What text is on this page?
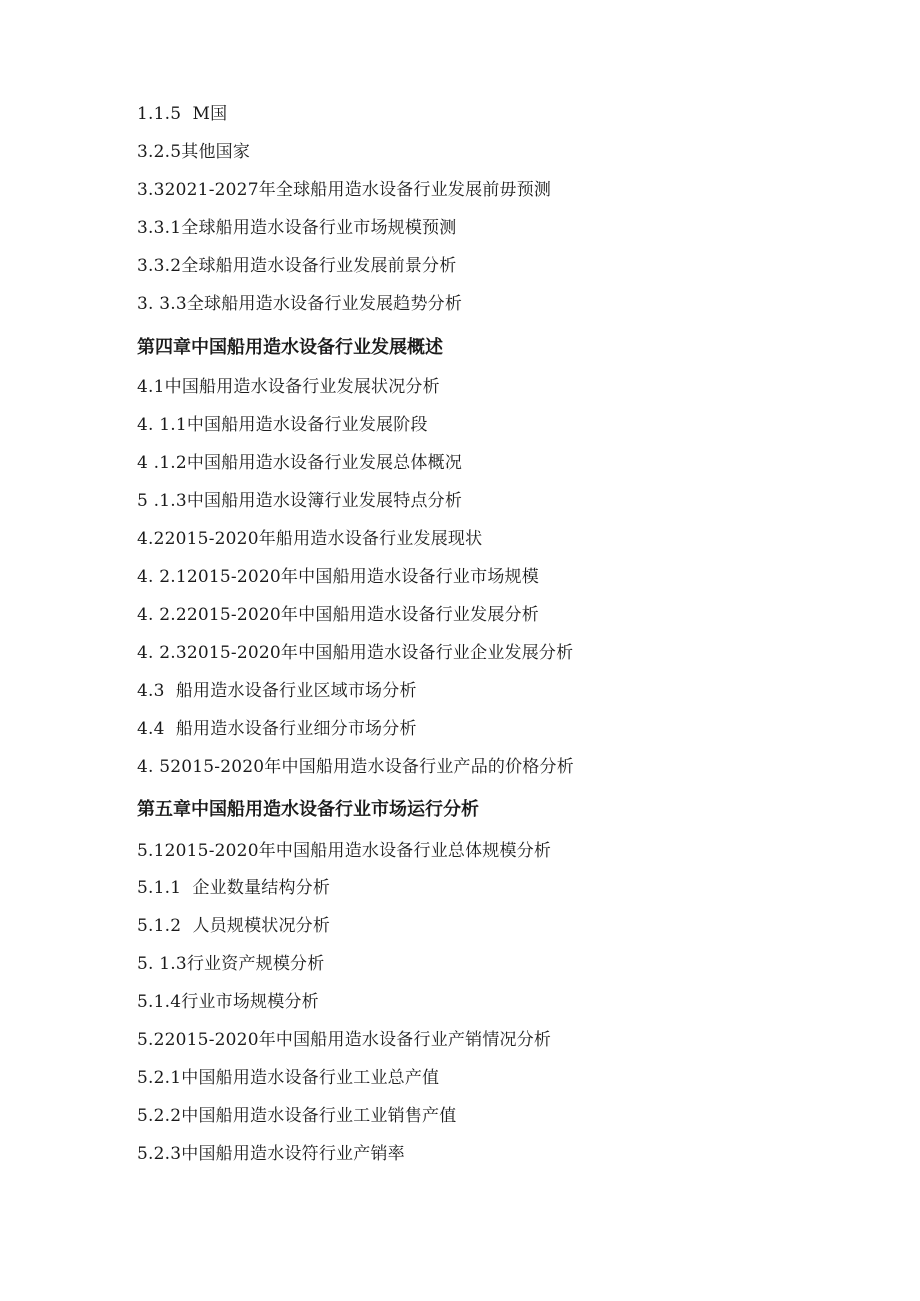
1.1.5  M国
3.2.5其他国家
3.32021-2027年全球船用造水设备行业发展前毋预测
3.3.1全球船用造水设备行业市场规模预测
3.3.2全球船用造水设备行业发展前景分析
3. 3.3全球船用造水设备行业发展趋势分析
第四章中国船用造水设备行业发展概述
4.1中国船用造水设备行业发展状况分析
4. 1.1中国船用造水设备行业发展阶段
4 .1.2中国船用造水设备行业发展总体概况
5 .1.3中国船用造水设簿行业发展特点分析
4.22015-2020年船用造水设备行业发展现状
4. 2.12015-2020年中国船用造水设备行业市场规模
4. 2.22015-2020年中国船用造水设备行业发展分析
4. 2.32015-2020年中国船用造水设备行业企业发展分析
4.3  船用造水设备行业区域市场分析
4.4  船用造水设备行业细分市场分析
4. 52015-2020年中国船用造水设备行业产品的价格分析
第五章中国船用造水设备行业市场运行分析
5.12015-2020年中国船用造水设备行业总体规模分析
5.1.1  企业数量结构分析
5.1.2  人员规模状况分析
5. 1.3行业资产规模分析
5.1.4行业市场规模分析
5.22015-2020年中国船用造水设备行业产销情况分析
5.2.1中国船用造水设备行业工业总产值
5.2.2中国船用造水设备行业工业销售产值
5.2.3中国船用造水设符行业产销率
